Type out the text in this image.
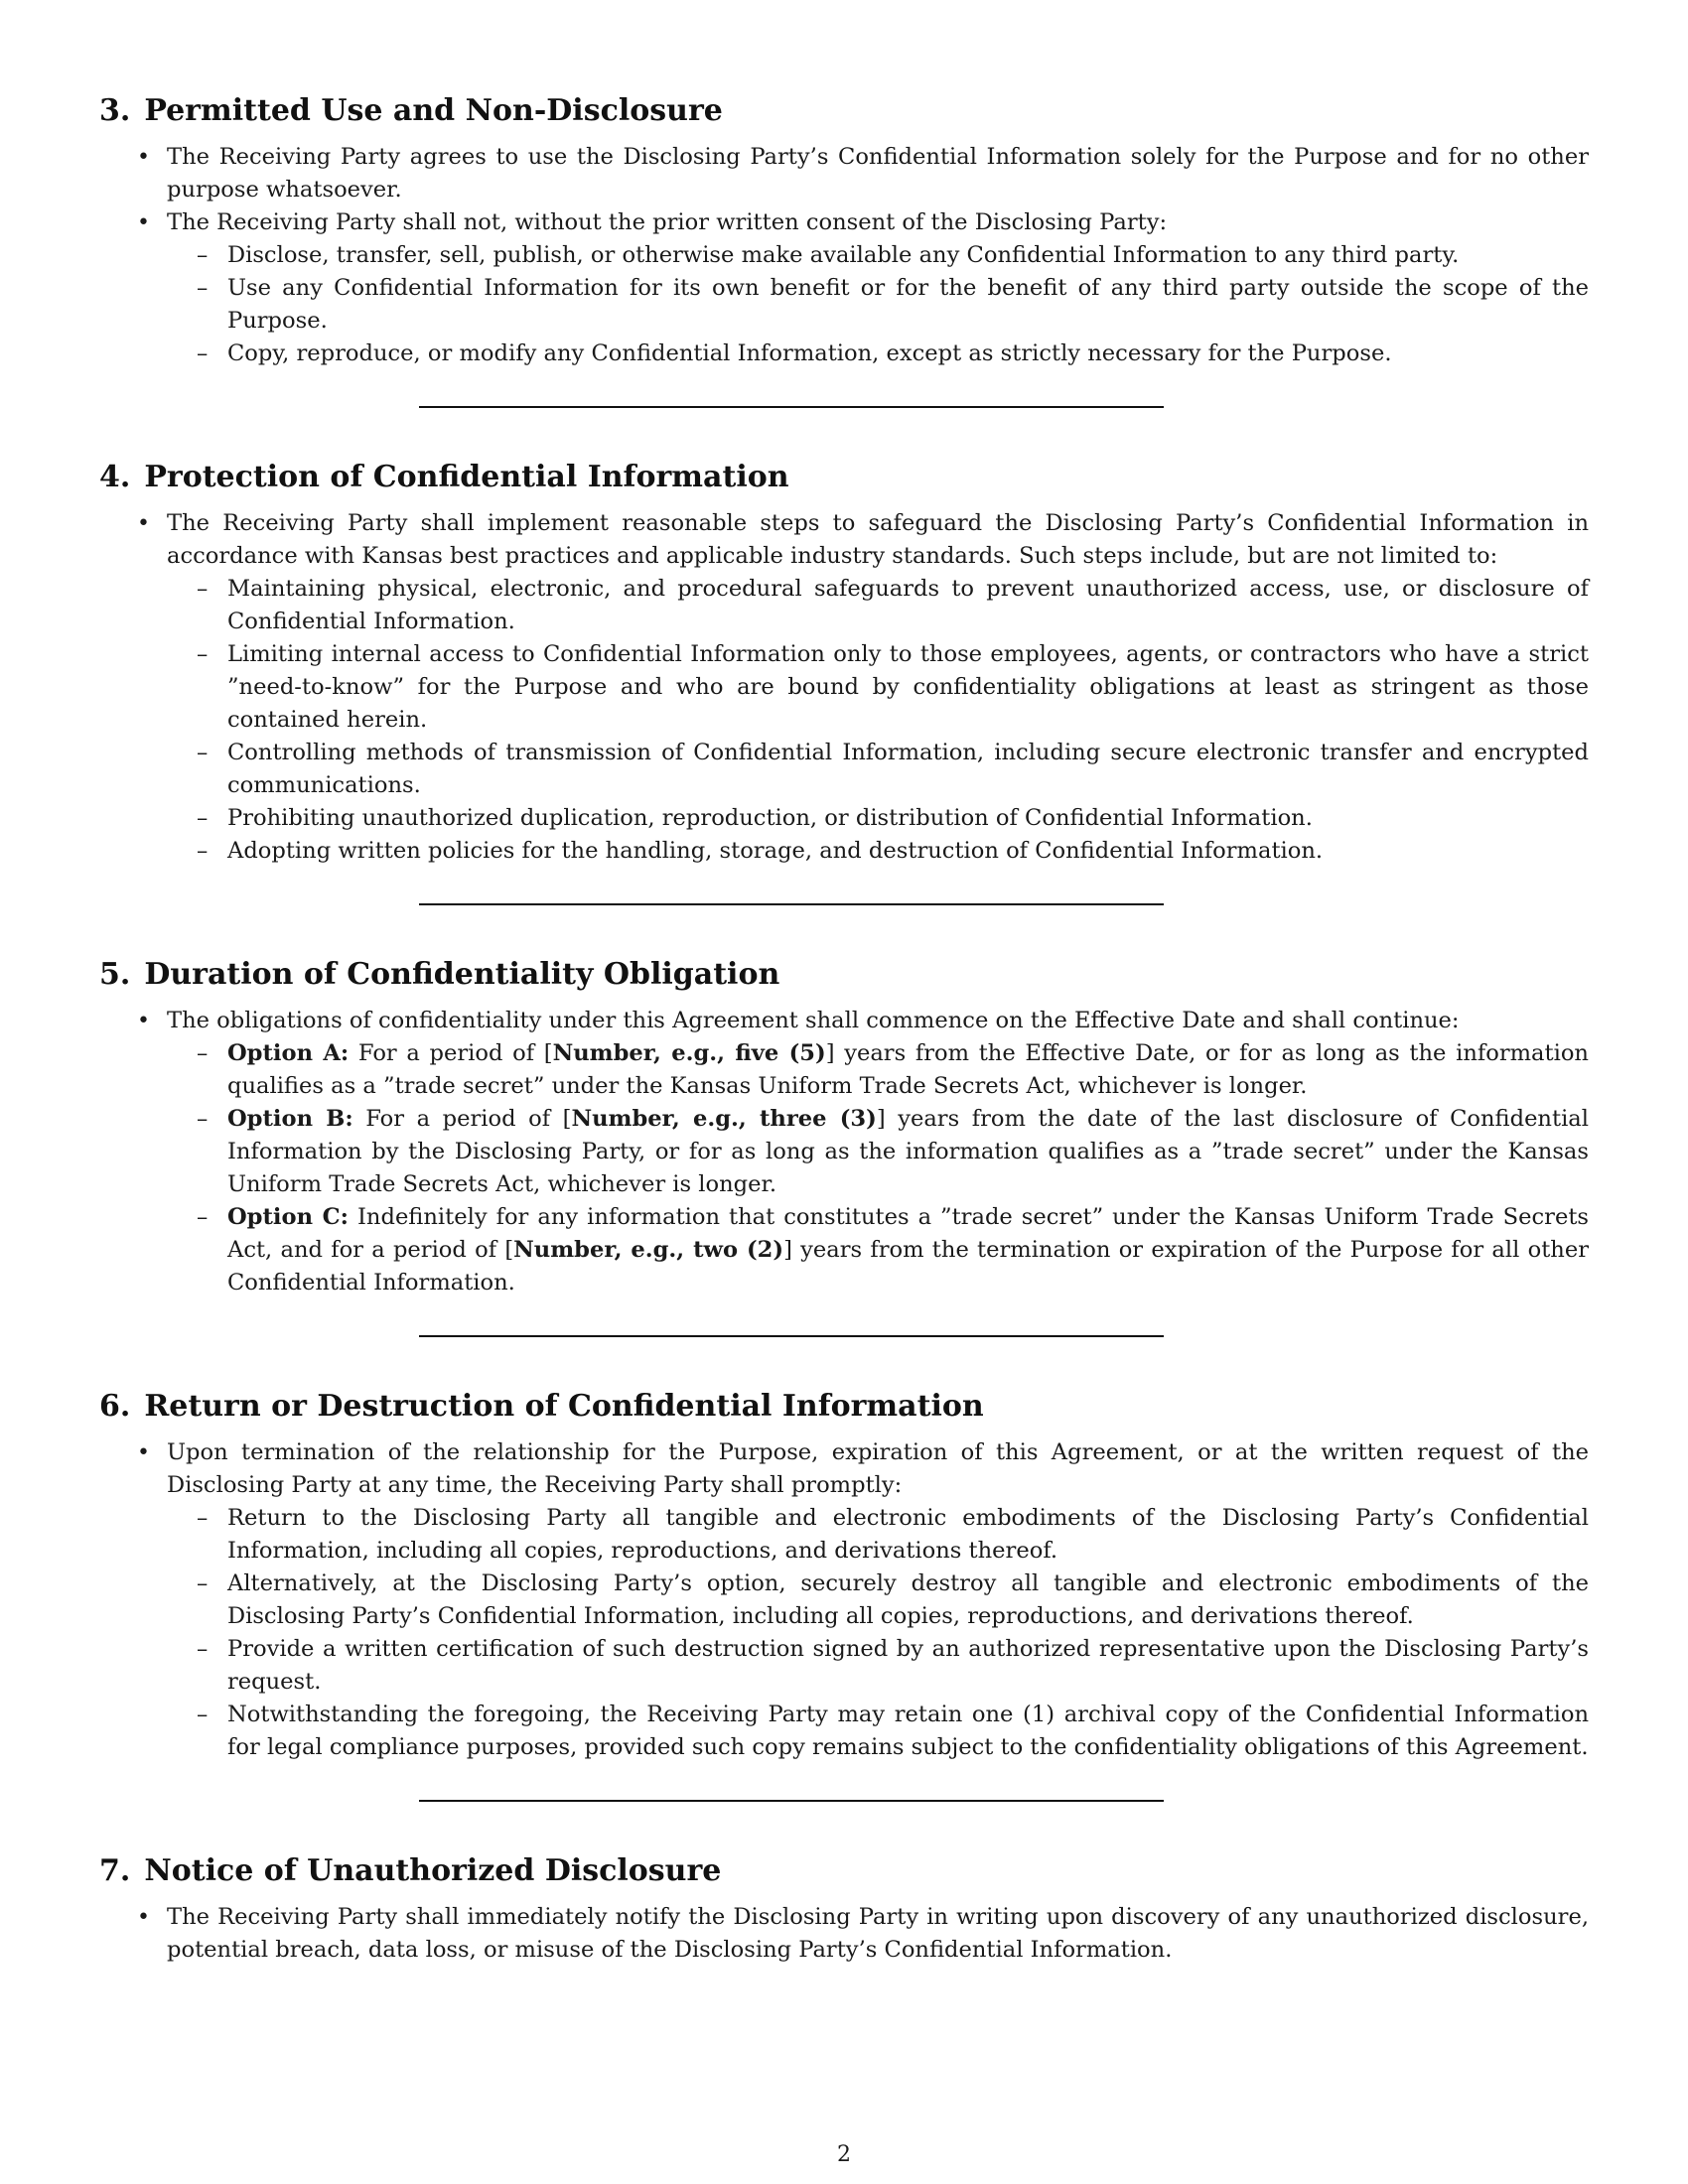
3. Permitted Use and Non-Disclosure
• The Receiving Party agrees to use the Disclosing Party’s Confidential Information solely for the Purpose and for no other purpose whatsoever.
• The Receiving Party shall not, without the prior written consent of the Disclosing Party:
– Disclose, transfer, sell, publish, or otherwise make available any Confidential Information to any third party.
– Use any Confidential Information for its own benefit or for the benefit of any third party outside the scope of the Purpose.
– Copy, reproduce, or modify any Confidential Information, except as strictly necessary for the Purpose.
4. Protection of Confidential Information
• The Receiving Party shall implement reasonable steps to safeguard the Disclosing Party’s Confidential Information in accordance with Kansas best practices and applicable industry standards. Such steps include, but are not limited to:
– Maintaining physical, electronic, and procedural safeguards to prevent unauthorized access, use, or disclosure of Confidential Information.
– Limiting internal access to Confidential Information only to those employees, agents, or contractors who have a strict ”need-to-know” for the Purpose and who are bound by confidentiality obligations at least as stringent as those contained herein.
– Controlling methods of transmission of Confidential Information, including secure electronic transfer and encrypted communications.
– Prohibiting unauthorized duplication, reproduction, or distribution of Confidential Information.
– Adopting written policies for the handling, storage, and destruction of Confidential Information.
5. Duration of Confidentiality Obligation
• The obligations of confidentiality under this Agreement shall commence on the Effective Date and shall continue:
– Option A: For a period of [Number, e.g., five (5)] years from the Effective Date, or for as long as the information qualifies as a ”trade secret” under the Kansas Uniform Trade Secrets Act, whichever is longer.
– Option B: For a period of [Number, e.g., three (3)] years from the date of the last disclosure of Confidential Information by the Disclosing Party, or for as long as the information qualifies as a ”trade secret” under the Kansas Uniform Trade Secrets Act, whichever is longer.
– Option C: Indefinitely for any information that constitutes a ”trade secret” under the Kansas Uniform Trade Secrets Act, and for a period of [Number, e.g., two (2)] years from the termination or expiration of the Purpose for all other Confidential Information.
6. Return or Destruction of Confidential Information
• Upon termination of the relationship for the Purpose, expiration of this Agreement, or at the written request of the Disclosing Party at any time, the Receiving Party shall promptly:
– Return to the Disclosing Party all tangible and electronic embodiments of the Disclosing Party’s Confidential Information, including all copies, reproductions, and derivations thereof.
– Alternatively, at the Disclosing Party’s option, securely destroy all tangible and electronic embodiments of the Disclosing Party’s Confidential Information, including all copies, reproductions, and derivations thereof.
– Provide a written certification of such destruction signed by an authorized representative upon the Disclosing Party’s request.
– Notwithstanding the foregoing, the Receiving Party may retain one (1) archival copy of the Confidential Information for legal compliance purposes, provided such copy remains subject to the confidentiality obligations of this Agreement.
7. Notice of Unauthorized Disclosure
• The Receiving Party shall immediately notify the Disclosing Party in writing upon discovery of any unauthorized disclosure, potential breach, data loss, or misuse of the Disclosing Party’s Confidential Information.
2
